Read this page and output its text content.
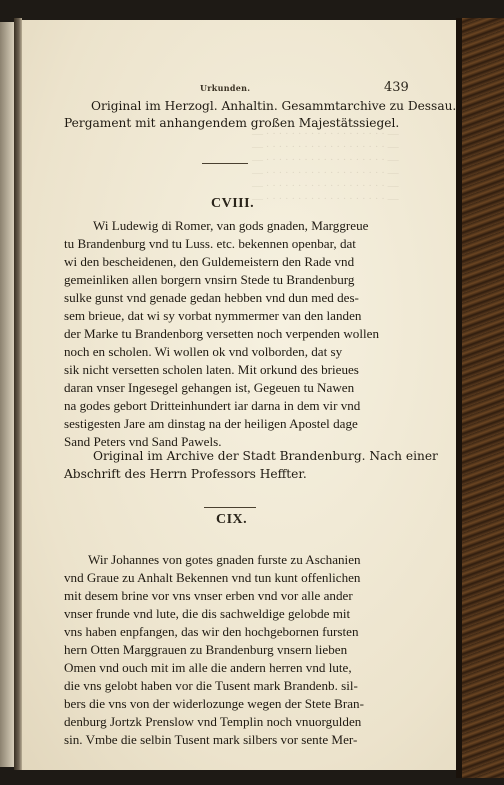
— · · · · · · · · · · · · · · · · · · · —
— · · · · · · · · · · · · · · · · · · · —
— · · · · · · · · · · · · · · · · · · · —
— · · · · · · · · · · · · · · · · · · · —
— · · · · · · · · · · · · · · · · · · · —
— · · · · · · · · · · · · · · · · · · · —
Urkunden.	439
Original im Herzogl. Anhaltin. Gesammtarchive zu Dessau.
Pergament mit anhangendem großen Majestätssiegel.
CVIII.
Wi Ludewig di Romer, van gods gnaden, Marggreue
tu Brandenburg vnd tu Luss. etc. bekennen openbar, dat
wi den bescheidenen, den Guldemeistern den Rade vnd
gemeinliken allen borgern vnsirn Stede tu Brandenburg
sulke gunst vnd genade gedan hebben vnd dun med des-
sem brieue, dat wi sy vorbat nymmermer van den landen
der Marke tu Brandenborg versetten noch verpenden wollen
noch en scholen. Wi wollen ok vnd volborden, dat sy
sik nicht versetten scholen laten. Mit orkund des brieues
daran vnser Ingesegel gehangen ist, Gegeuen tu Nawen
na godes gebort Dritteinhundert iar darna in dem vir vnd
sestigesten Jare am dinstag na der heiligen Apostel dage
Sand Peters vnd Sand Pawels.
Original im Archive der Stadt Brandenburg. Nach einer
Abschrift des Herrn Professors Heffter.
CIX.
Wir Johannes von gotes gnaden furste zu Aschanien
vnd Graue zu Anhalt Bekennen vnd tun kunt offenlichen
mit desem brine vor vns vnser erben vnd vor alle ander
vnser frunde vnd lute, die dis sachweldige gelobde mit
vns haben enpfangen, das wir den hochgebornen fursten
hern Otten Marggrauen zu Brandenburg vnsern lieben
Omen vnd ouch mit im alle die andern herren vnd lute,
die vns gelobt haben vor die Tusent mark Brandenb. sil-
bers die vns von der widerlozunge wegen der Stete Bran-
denburg Jortzk Prenslow vnd Templin noch vnuorgulden
sin. Vmbe die selbin Tusent mark silbers vor sente Mer-
